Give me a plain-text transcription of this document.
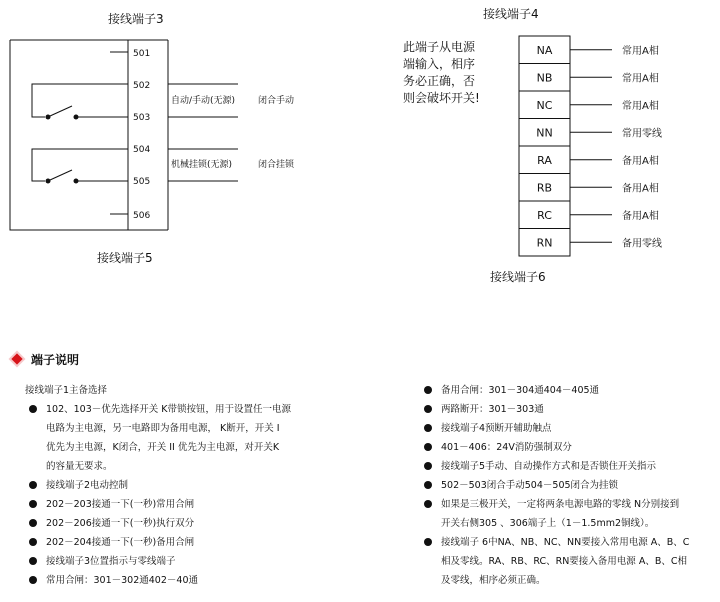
接线端子3
501
502
503
504
505
506
自动/手动(无源)
机械挂锁(无源)
闭合手动
闭合挂锁
接线端子5
接线端子4
此端子从电源
端输入，相序
务必正确，否
则会破坏开关!
NA	常用A相
NB	常用A相
NC	常用A相
NN	常用零线
RA	备用A相
RB	备用A相
RC	备用A相
RN	备用零线
接线端子6
端子说明
接线端子1主备选择
102、103－优先选择开关 K带锁按钮，用于设置任一电源
电路为主电源，另一电路即为备用电源， K断开，开关 I
优先为主电源，K闭合，开关 II 优先为主电源，对开关K
的容量无要求。
接线端子2电动控制
202－203接通一下(一秒)常用合闸
202－206接通一下(一秒)执行双分
202－204接通一下(一秒)备用合闸
接线端子3位置指示与零线端子
常用合闸：301－302通402－40通
备用合闸：301－304通404－405通
两路断开：301－303通
接线端子4预断开辅助触点
401－406：24V消防强制双分
接线端子5手动、自动操作方式和是否锁住开关指示
502－503闭合手动504－505闭合为挂锁
如果是三极开关，一定将两条电源电路的零线 N分别接到
开关右侧305 、306端子上（1－1.5mm2铜线）。
接线端子 6中NA、NB、NC、NN要接入常用电源 A、B、C
相及零线。RA、RB、RC、RN要接入备用电源 A、B、C相
及零线，相序必须正确。
